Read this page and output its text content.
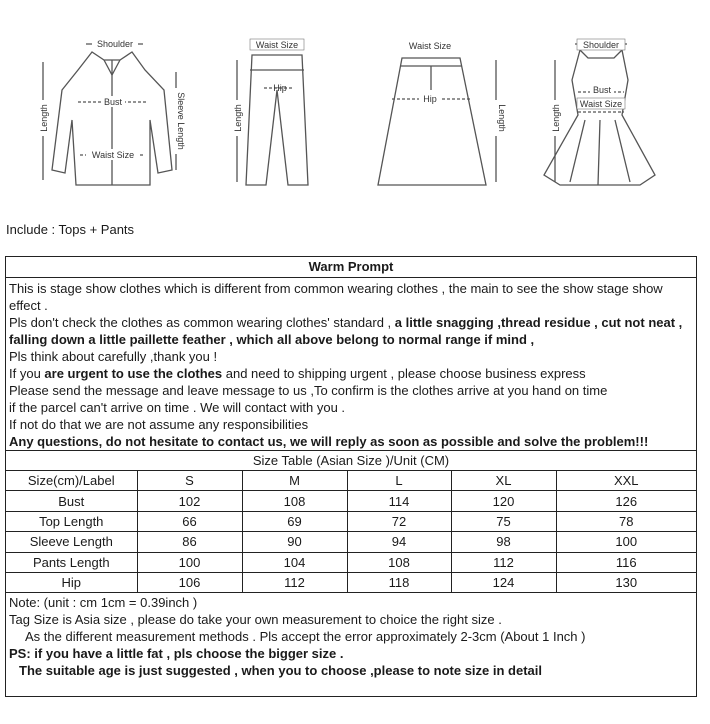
Shoulder
Bust
Waist Size
Length	Sleeve Length
Waist Size
Hip
Length
Waist Size
Hip
Length
Shoulder
Bust
Waist Size
Length
Include : Tops + Pants
Warm Prompt

This is stage show clothes which is different from common wearing clothes , the main to see the show stage show effect .

Pls don't check the clothes as common wearing clothes' standard , a little snagging ,thread residue , cut not neat , falling down a little paillette feather , which all above belong to normal range if mind ,

Pls think about carefully ,thank you !

If you are urgent to use the clothes and need to shipping urgent , please choose business express

Please send the message and leave message to us ,To confirm is the clothes arrive at you hand on time

if the parcel can't arrive on time . We will contact with you .

If not do that we are not assume any responsibilities

Any questions, do not hesitate to contact us, we will reply as soon as possible and solve the problem!!!

Size Table (Asian Size )/Unit (CM)
Size(cm)/Label	S	M	L	XL	XXL
Bust	102	108	114	120	126
Top Length	66	69	72	75	78
Sleeve Length	86	90	94	98	100
Pants Length	100	104	108	112	116
Hip	106	112	118	124	130

Note: (unit : cm 1cm = 0.39inch )

Tag Size is Asia size , please do take your own measurement to choice the right size .

As the different measurement methods . Pls accept the error approximately 2-3cm (About 1 Inch )

PS: if you have a little fat , pls choose the bigger size .

The suitable age is just suggested , when you to choose ,please to note size in detail
